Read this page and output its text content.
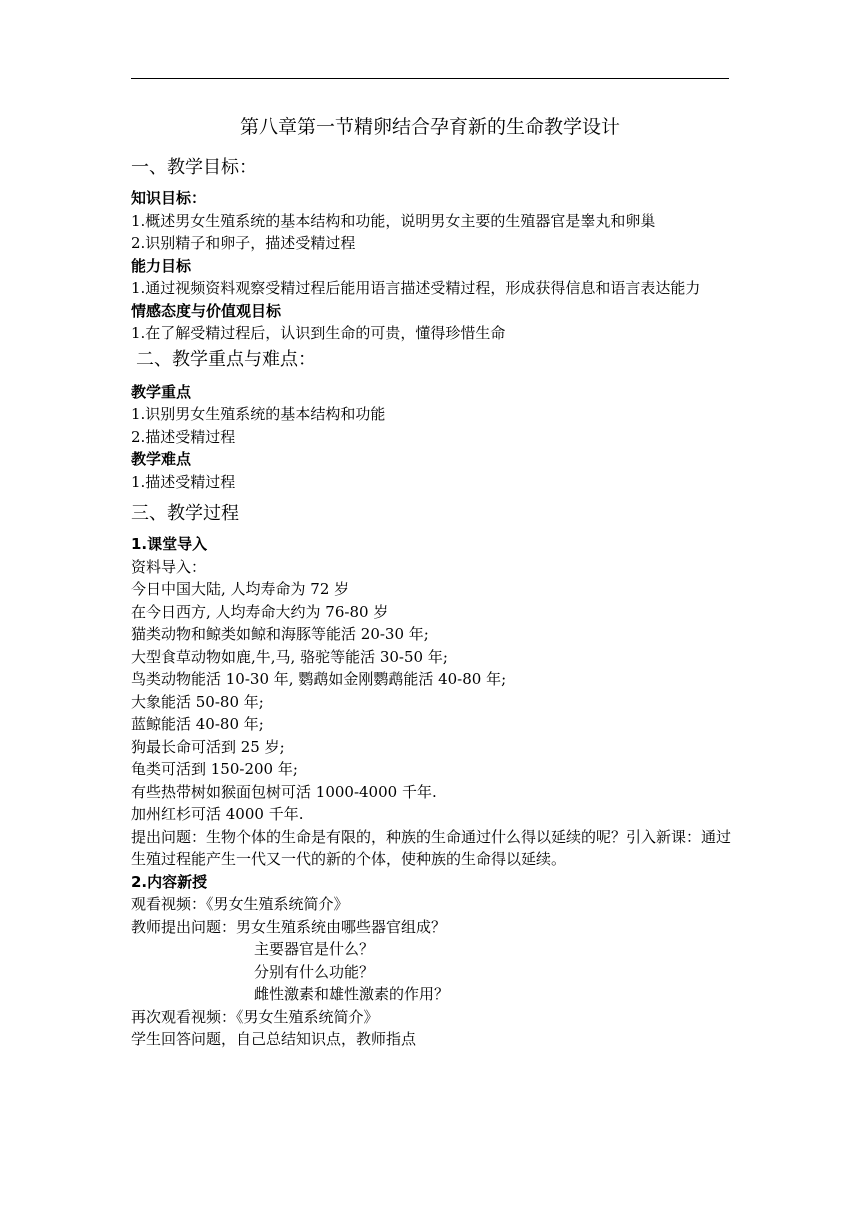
第八章第一节精卵结合孕育新的生命教学设计
一、教学目标：
知识目标：
1.概述男女生殖系统的基本结构和功能，说明男女主要的生殖器官是睾丸和卵巢
2.识别精子和卵子，描述受精过程
能力目标
1.通过视频资料观察受精过程后能用语言描述受精过程，形成获得信息和语言表达能力
情感态度与价值观目标
1.在了解受精过程后，认识到生命的可贵，懂得珍惜生命
二、教学重点与难点：
教学重点
1.识别男女生殖系统的基本结构和功能
2.描述受精过程
教学难点
1.描述受精过程
三、教学过程
1.课堂导入
资料导入：
今日中国大陆, 人均寿命为 72 岁
在今日西方, 人均寿命大约为 76-80 岁
猫类动物和鲸类如鲸和海豚等能活 20-30 年;
大型食草动物如鹿,牛,马, 骆驼等能活 30-50 年;
鸟类动物能活 10-30 年, 鹦鹉如金刚鹦鹉能活 40-80 年;
大象能活 50-80 年;
蓝鲸能活 40-80 年;
狗最长命可活到 25 岁;
龟类可活到 150-200 年;
有些热带树如猴面包树可活 1000-4000 千年.
加州红杉可活 4000 千年.
提出问题：生物个体的生命是有限的，种族的生命通过什么得以延续的呢？引入新课：通过生殖过程能产生一代又一代的新的个体，使种族的生命得以延续。
2.内容新授
观看视频：《男女生殖系统简介》
教师提出问题：男女生殖系统由哪些器官组成？
主要器官是什么？
分别有什么功能？
雌性激素和雄性激素的作用？
再次观看视频：《男女生殖系统简介》
学生回答问题，自己总结知识点，教师指点
